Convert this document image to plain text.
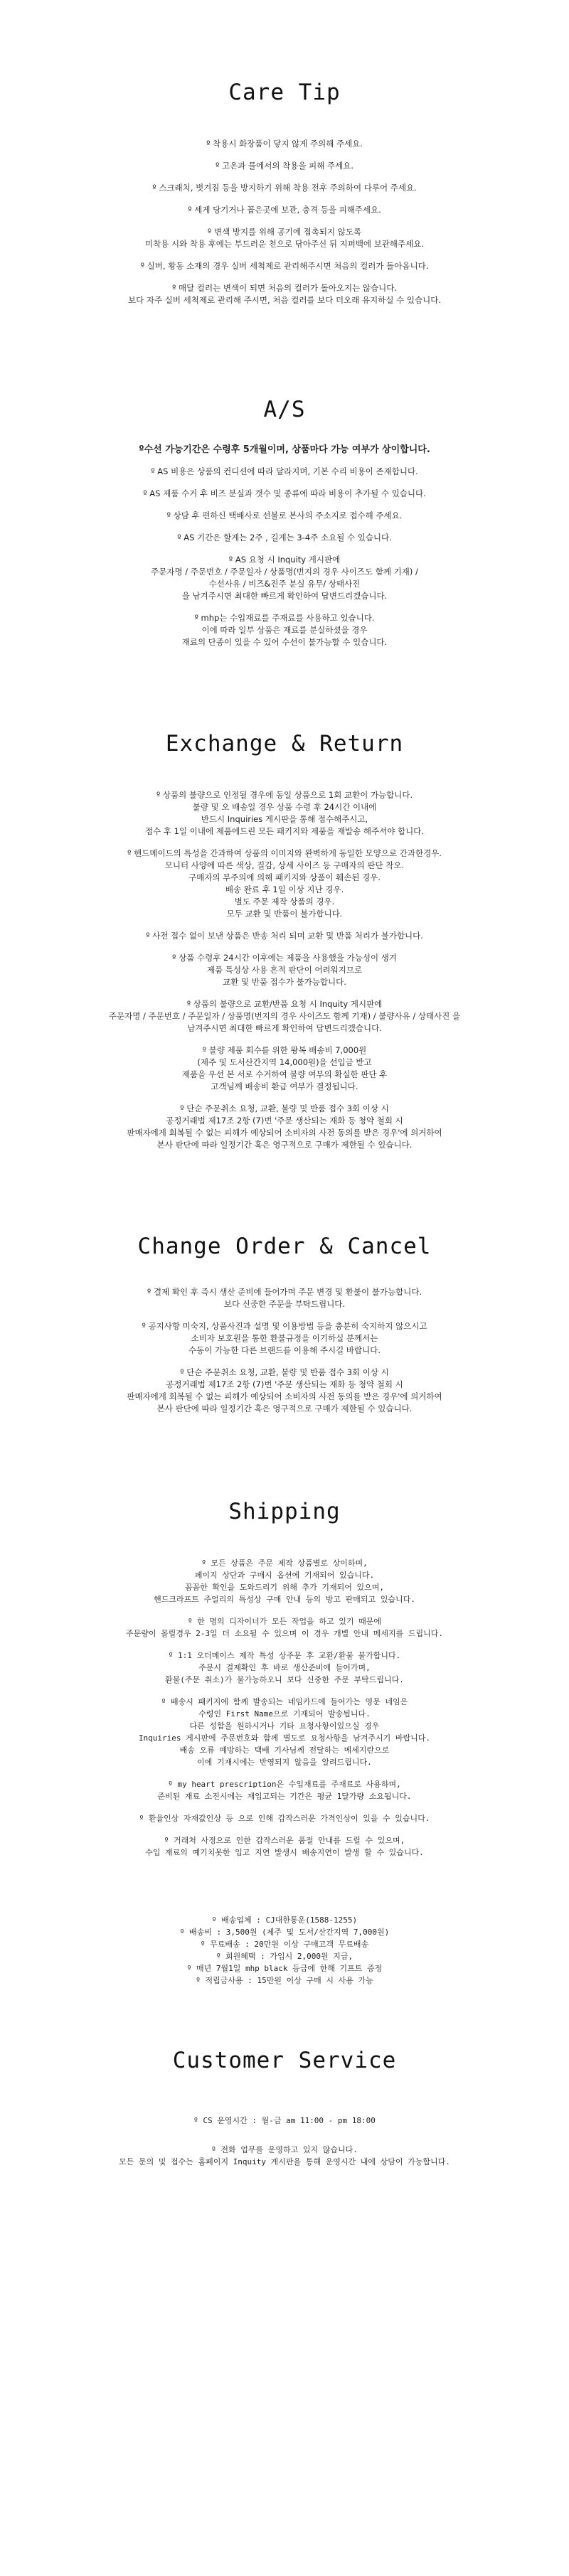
Care Tip

º 착용시 화장품이 닿지 않게 주의해 주세요.

º 고온과 물에서의 착용을 피해 주세요.

º 스크래치, 벗겨짐 등을 방지하기 위해 착용 전후 주의하여 다루어 주세요.

º 세게 당기거나 꼽은곳에 보관, 충격 등을 피해주세요.

º 변색 방지를 위해 공기에 접촉되지 않도록
미착용 시와 착용 후에는 부드러운 천으로 닦아주신 뒤 지퍼백에 보관해주세요.

º 실버, 황동 소재의 경우 실버 세척제로 관리해주시면 처음의 컬러가 돌아옵니다.

º 매달 컬러는 변색이 되면 처음의 컬러가 돌아오지는 않습니다.
보다 자주 실버 세척제로 관리해 주시면, 처음 컬러를 보다 더오래 유지하실 수 있습니다.

A/S

º수선 가능기간은 수령후 5개월이며, 상품마다 가능 여부가 상이합니다.

º AS 비용은 상품의 컨디션에 따라 달라지며, 기본 수리 비용이 존재합니다.

º AS 제품 수거 후 비즈 분실과 갯수 및 종류에 따라 비용이 추가될 수 있습니다.

º 상담 후 편하신 택배사로 선불로 본사의 주소지로 접수해 주세요.

º AS 기간은 할게는 2주 , 길게는 3-4주 소요될 수 있습니다.

º AS 요청 시 Inquity 게시판에
주문자명 / 주문번호 / 주문일자 / 상품명(번지의 경우 사이즈도 함께 기재) /
수선사유 / 비즈&진주 분실 유무/ 상태사진
을 남겨주시면 최대한 빠르게 확인하여 답변드리겠습니다.

º mhp는 수입재료를 주재료를 사용하고 있습니다.
이에 따라 일부 상품은 재료를 분실하셨을 경우
재료의 단종이 있을 수 있어 수선이 불가능할 수 있습니다.

Exchange & Return

º 상품의 불량으로 인정될 경우에 동일 상품으로 1회 교환이 가능합니다.
불량 및 오 배송일 경우 상품 수령 후 24시간 이내에
반드시 Inquiries 게시판을 통해 접수해주시고,
접수 후 1일 이내에 제품에드린 모든 패키지와 제품을 재발송 해주셔야 합니다.

º 핸드메이드의 특성을 간과하여 상품의 이미지와 완벽하게 동일한 모양으로 간과한경우.
모니터 사양에 따른 색상, 질감, 상세 사이즈 등 구매자의 판단 착오.
구매자의 부주의에 의해 패키지와 상품이 훼손된 경우.
배송 완료 후 1일 이상 지난 경우.
별도 주문 제작 상품의 경우.
모두 교환 및 반품이 불가합니다.

º 사전 접수 없이 보낸 상품은 반송 처리 되며 교환 및 반품 처리가 불가합니다.

º 상품 수령후 24시간 이후에는 제품을 사용했을 가능성이 생겨
제품 특성상 사용 흔적 판단이 어려워지므로
교환 및 반품 접수가 불가능합니다.

º 상품의 불량으로 교환/반품 요청 시 Inquity 게시판에
주문자명 / 주문번호 / 주문일자 / 상품명(번지의 경우 사이즈도 함께 기재) / 불량사유 / 상태사진 을
남겨주시면 최대한 빠르게 확인하여 답변드리겠습니다.

º 불량 제품 회수를 위한 왕복 배송비 7,000원
(제주 및 도서산간지역 14,000원)을 선입금 받고
제품을 우선 본 서로 수거하여 불량 여부의 확실한 판단 후
고객님께 배송비 환급 여부가 결정됩니다.

º 단순 주문취소 요청, 교환, 불량 및 반품 접수 3회 이상 시
공정거래법 제17조 2항 (7)번 '주문 생산되는 재화 등 청약 철회 시
판매자에게 회복될 수 없는 피해가 예상되어 소비자의 사전 동의를 받은 경우'에 의거하여
본사 판단에 따라 일정기간 혹은 영구적으로 구매가 제한될 수 있습니다.

Change Order & Cancel

º 결제 확인 후 즉시 생산 준비에 들어가며 주문 변경 및 환불이 불가능합니다.
보다 신중한 주문을 부탁드립니다.

º 공지사항 미숙지, 상품사진과 설명 및 이용방법 등을 충분히 숙지하지 않으시고
소비자 보호원을 통한 환불규정을 이기하실 분께서는
수동이 가능한 다른 브랜드를 이용해 주시길 바랍니다.

º 단순 주문취소 요청, 교환, 불량 및 반품 접수 3회 이상 시
공정거래법 제17조 2항 (7)번 '주문 생산되는 재화 등 청약 철회 시
판매자에게 회복될 수 없는 피해가 예상되어 소비자의 사전 동의를 받은 경우'에 의거하여
본사 판단에 따라 일정기간 혹은 영구적으로 구매가 제한될 수 있습니다.

Shipping

º 모든 상품은 주문 제작 상품별로 상이하며,
페이지 상단과 구매시 옵션에 기재되어 있습니다.
꼼꼼한 확인을 도와드리기 위해 추가 기재되어 있으며,
핸드크라프트 주얼리의 특성상 구매 안내 등의 방고 판매되고 있습니다.

º 한 명의 디자이너가 모든 작업을 하고 있기 때문에
주문량이 몰릴경우 2-3일 더 소요될 수 있으며 이 경우 개별 안내 메세지를 드립니다.

º 1:1 오더메이스 제작 특성 상주문 후 교환/환불 불가합니다.
주문시 결제확인 후 바로 생산준비에 들어가며,
환불(주문 취소)가 불가능하오니 보다 신중한 주문 부탁드립니다.

º 배송시 패키지에 함께 발송되는 네임카드에 들어가는 영문 네임은
수령인 First Name으로 기재되어 발송됩니다.
다른 성함을 원하시거나 기타 요청사항이있으실 경우
Inquiries 게시판에 주문번호와 함께 별도로 요청사항을 남겨주시기 바랍니다.
배송 오류 예방하는 택배 기사님께 전달하는 메세지란으로
이에 기재시에는 반영되지 않음을 알려드립니다.

º my heart prescription은 수입재료를 주재료로 사용하며,
준비된 재료 소진시에는 재입고되는 기간은 평균 1달가량 소요됩니다.

º 환율인상 자재값인상 등 으로 인해 갑작스러운 가격인상이 있을 수 있습니다.

º 거래처 사정으로 인한 갑작스러운 품절 안내를 드릴 수 있으며,
수입 재료의 예기치못한 입고 지연 발생시 배송지연이 발생 할 수 있습니다.

º 배송업체 : CJ대한통운(1588-1255)
º 배송비 : 3,500원 (제주 및 도서/산간지역 7,000원)
º 무료배송 : 20만원 이상 구매고객 무료배송
º 회원혜택 : 가입시 2,000원 지급,
º 매년 7월1일 mhp black 등급에 한해 기프트 증정
º 적립금사용 : 15만원 이상 구매 시 사용 가능

Customer Service

º CS 운영시간 : 월-금 am 11:00 - pm 18:00

º 전화 업무를 운영하고 있지 않습니다.
모든 문의 및 접수는 홈페이지 Inquity 게시판을 통해 운영시간 내에 상담이 가능합니다.
